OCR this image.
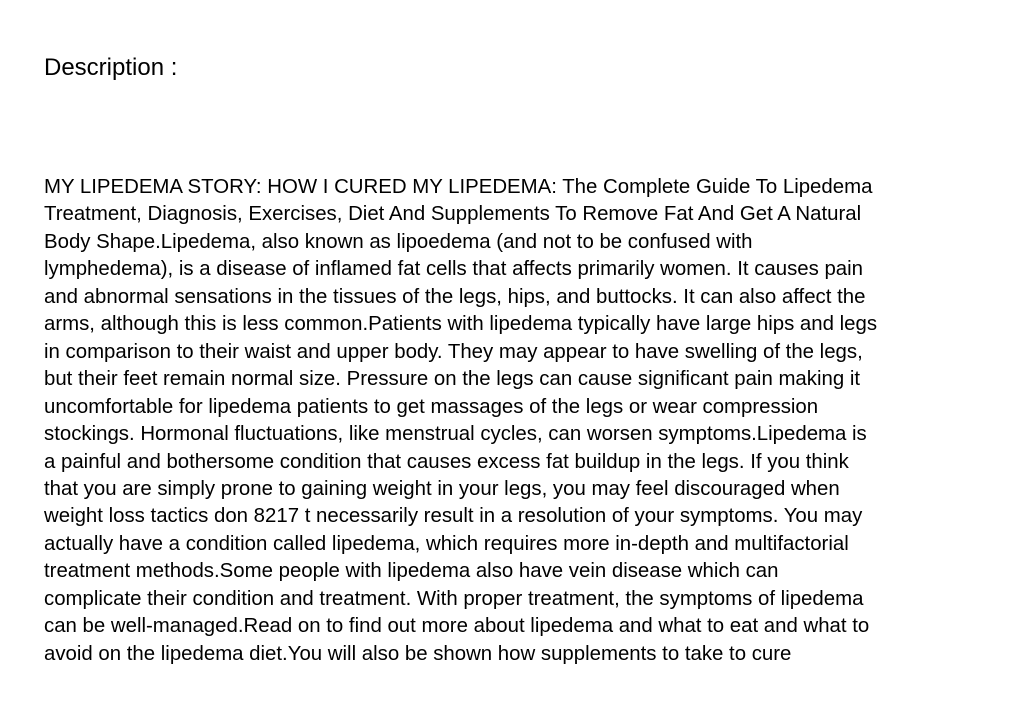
Description :
MY LIPEDEMA STORY: HOW I CURED MY LIPEDEMA: The Complete Guide To Lipedema
Treatment, Diagnosis, Exercises, Diet And Supplements To Remove Fat And Get A Natural
Body Shape.Lipedema, also known as lipoedema (and not to be confused with
lymphedema), is a disease of inflamed fat cells that affects primarily women. It causes pain
and abnormal sensations in the tissues of the legs, hips, and buttocks. It can also affect the
arms, although this is less common.Patients with lipedema typically have large hips and legs
in comparison to their waist and upper body. They may appear to have swelling of the legs,
but their feet remain normal size. Pressure on the legs can cause significant pain making it
uncomfortable for lipedema patients to get massages of the legs or wear compression
stockings. Hormonal fluctuations, like menstrual cycles, can worsen symptoms.Lipedema is
a painful and bothersome condition that causes excess fat buildup in the legs. If you think
that you are simply prone to gaining weight in your legs, you may feel discouraged when
weight loss tactics don 8217 t necessarily result in a resolution of your symptoms. You may
actually have a condition called lipedema, which requires more in-depth and multifactorial
treatment methods.Some people with lipedema also have vein disease which can
complicate their condition and treatment. With proper treatment, the symptoms of lipedema
can be well-managed.Read on to find out more about lipedema and what to eat and what to
avoid on the lipedema diet.You will also be shown how supplements to take to cure
